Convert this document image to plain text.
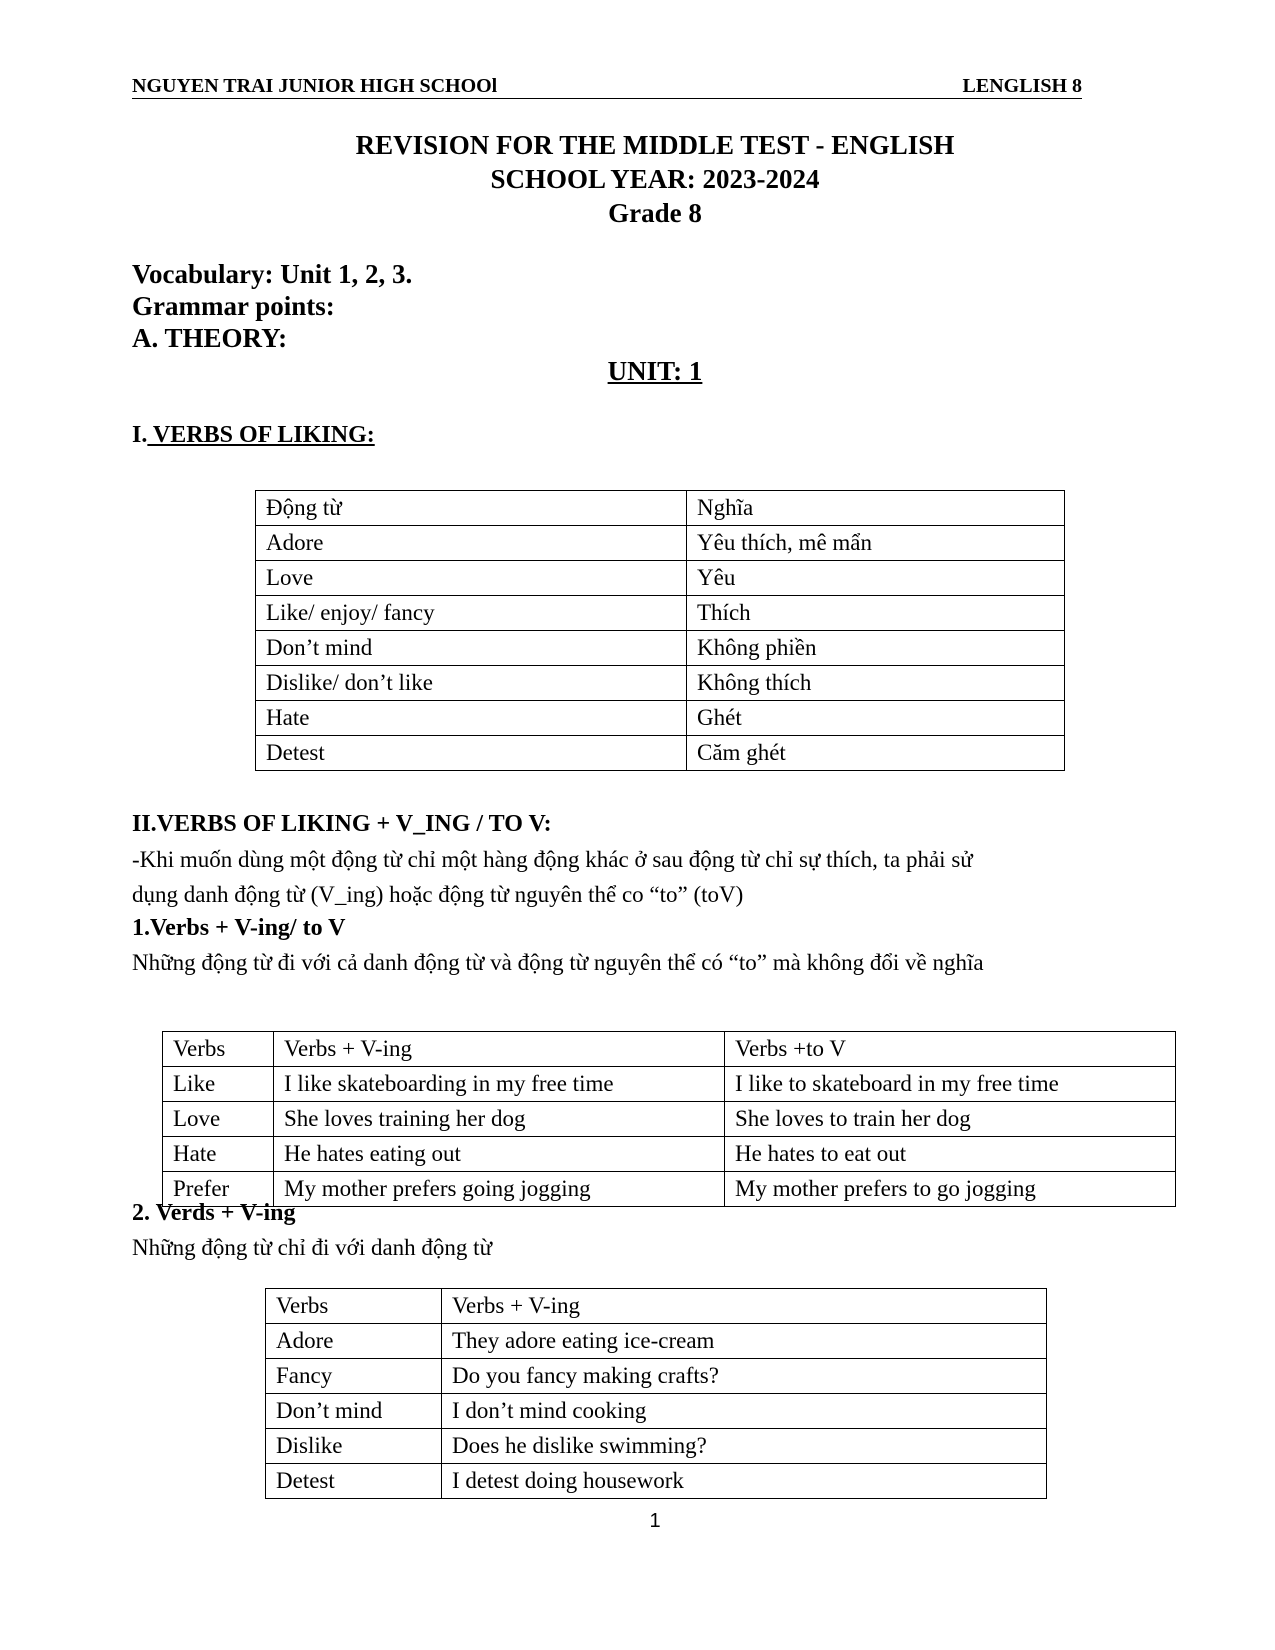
NGUYEN TRAI JUNIOR HIGH SCHOOl	LENGLISH 8
REVISION FOR THE MIDDLE TEST - ENGLISH
SCHOOL YEAR: 2023-2024
Grade 8
Vocabulary: Unit 1, 2, 3.
Grammar points:
A. THEORY:
UNIT: 1
I. VERBS OF LIKING:
Động từ	Nghĩa
Adore	Yêu thích, mê mẩn
Love	Yêu
Like/ enjoy/ fancy	Thích
Don’t mind	Không phiền
Dislike/ don’t like	Không thích
Hate	Ghét
Detest	Căm ghét
II.VERBS OF LIKING + V_ING / TO V:
-Khi muốn dùng một động từ chỉ một hàng động khác ở sau động từ chỉ sự thích, ta phải sử
dụng danh động từ (V_ing) hoặc động từ nguyên thể co “to” (toV)
1.Verbs + V-ing/ to V
Những động từ đi với cả danh động từ và động từ nguyên thể có “to” mà không đổi về nghĩa
Verbs	Verbs + V-ing	Verbs +to V
Like	I like skateboarding in my free time	I like to skateboard in my free time
Love	She loves training her dog	She loves to train her dog
Hate	He hates eating out	He hates to eat out
Prefer	My mother prefers going jogging	My mother prefers to go jogging
2. Verds + V-ing
Những động từ chỉ đi với danh động từ
Verbs	Verbs + V-ing
Adore	They adore eating ice-cream
Fancy	Do you fancy making crafts?
Don’t mind	I don’t mind cooking
Dislike	Does he dislike swimming?
Detest	I detest doing housework
1
